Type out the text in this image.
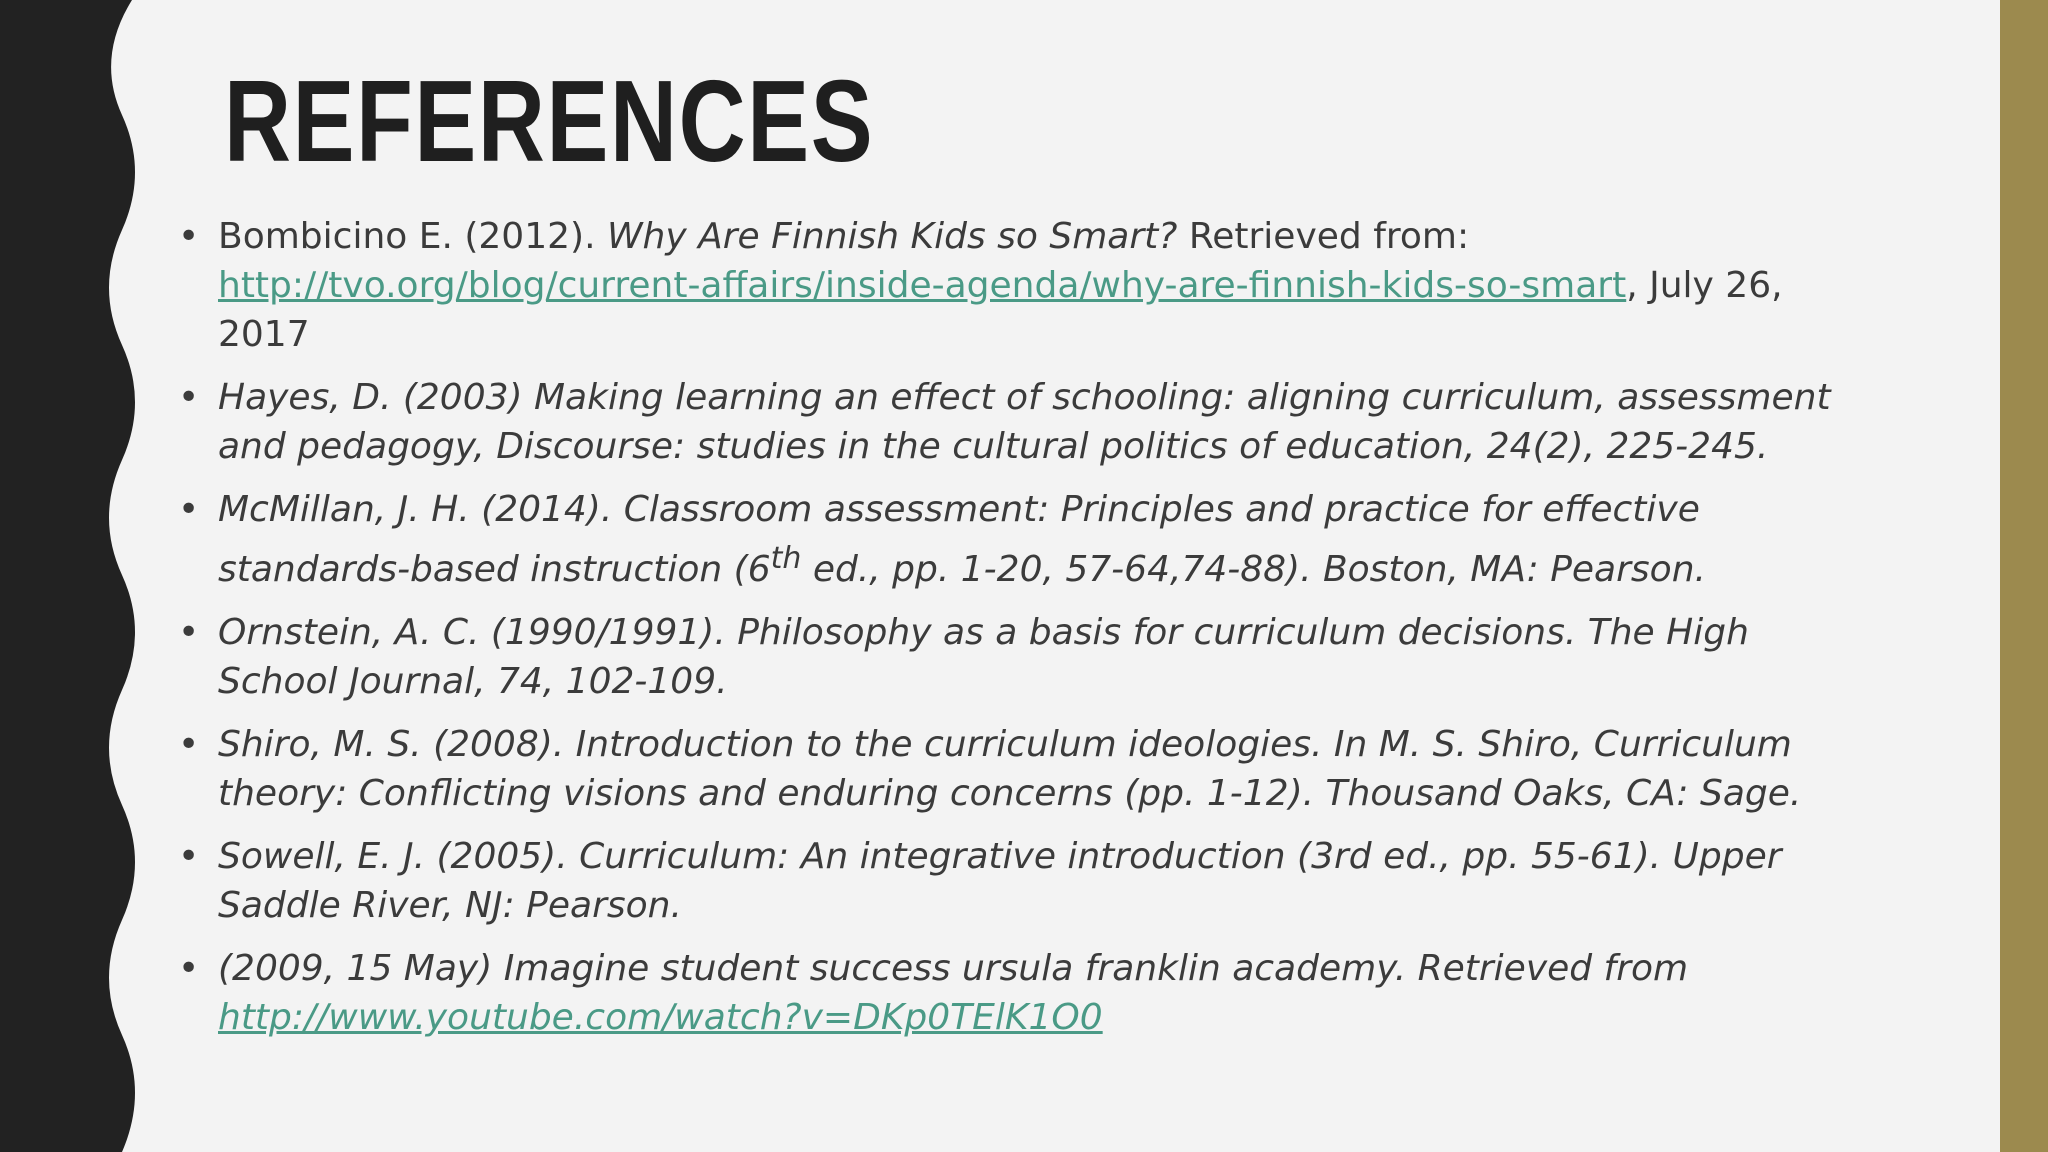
REFERENCES
• Bombicino E. (2012). Why Are Finnish Kids so Smart? Retrieved from: http://tvo.org/blog/current-affairs/inside-agenda/why-are-finnish-kids-so-smart, July 26, 2017
• Hayes, D. (2003) Making learning an effect of schooling: aligning curriculum, assessment and pedagogy, Discourse: studies in the cultural politics of education, 24(2), 225-245.
• McMillan, J. H. (2014). Classroom assessment: Principles and practice for effective standards-based instruction (6th ed., pp. 1-20, 57-64,74-88). Boston, MA: Pearson.
• Ornstein, A. C. (1990/1991). Philosophy as a basis for curriculum decisions. The High School Journal, 74, 102-109.
• Shiro, M. S. (2008). Introduction to the curriculum ideologies. In M. S. Shiro, Curriculum theory: Conflicting visions and enduring concerns (pp. 1-12). Thousand Oaks, CA: Sage.
• Sowell, E. J. (2005). Curriculum: An integrative introduction (3rd ed., pp. 55-61). Upper Saddle River, NJ: Pearson.
• (2009, 15 May) Imagine student success ursula franklin academy. Retrieved from http://www.youtube.com/watch?v=DKp0TElK1O0
